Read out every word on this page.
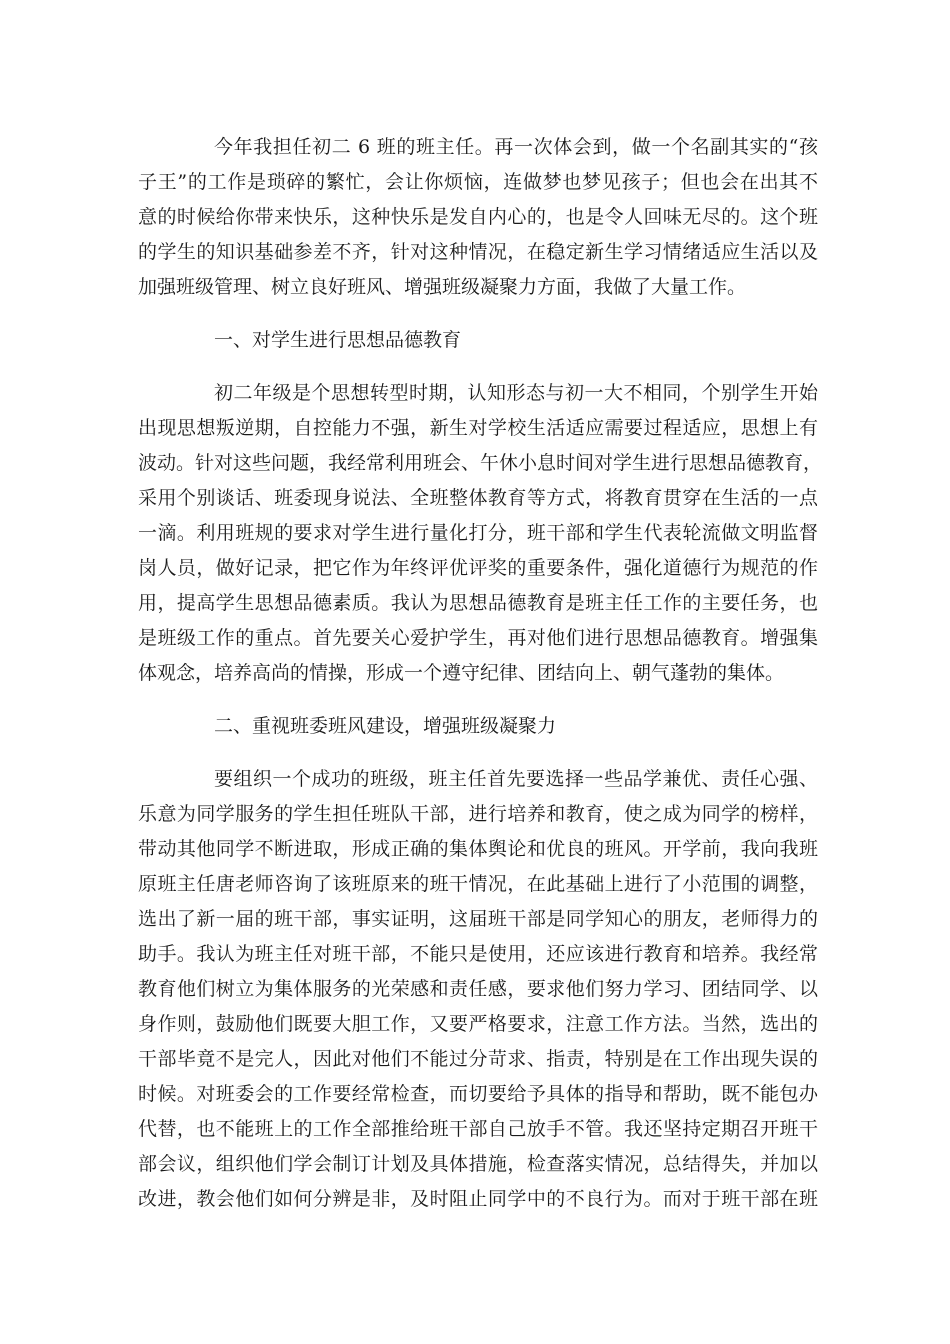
今年我担任初二 6 班的班主任。再一次体会到，做一个名副其实的“孩
子王”的工作是琐碎的繁忙，会让你烦恼，连做梦也梦见孩子；但也会在出其不
意的时候给你带来快乐，这种快乐是发自内心的，也是令人回味无尽的。这个班
的学生的知识基础参差不齐，针对这种情况，在稳定新生学习情绪适应生活以及
加强班级管理、树立良好班风、增强班级凝聚力方面，我做了大量工作。
一、对学生进行思想品德教育
初二年级是个思想转型时期，认知形态与初一大不相同，个别学生开始
出现思想叛逆期，自控能力不强，新生对学校生活适应需要过程适应，思想上有
波动。针对这些问题，我经常利用班会、午休小息时间对学生进行思想品德教育，
采用个别谈话、班委现身说法、全班整体教育等方式，将教育贯穿在生活的一点
一滴。利用班规的要求对学生进行量化打分，班干部和学生代表轮流做文明监督
岗人员，做好记录，把它作为年终评优评奖的重要条件，强化道德行为规范的作
用，提高学生思想品德素质。我认为思想品德教育是班主任工作的主要任务，也
是班级工作的重点。首先要关心爱护学生，再对他们进行思想品德教育。增强集
体观念，培养高尚的情操，形成一个遵守纪律、团结向上、朝气蓬勃的集体。
二、重视班委班风建设，增强班级凝聚力
要组织一个成功的班级，班主任首先要选择一些品学兼优、责任心强、
乐意为同学服务的学生担任班队干部，进行培养和教育，使之成为同学的榜样，
带动其他同学不断进取，形成正确的集体舆论和优良的班风。开学前，我向我班
原班主任唐老师咨询了该班原来的班干情况，在此基础上进行了小范围的调整，
选出了新一届的班干部，事实证明，这届班干部是同学知心的朋友，老师得力的
助手。我认为班主任对班干部，不能只是使用，还应该进行教育和培养。我经常
教育他们树立为集体服务的光荣感和责任感，要求他们努力学习、团结同学、以
身作则，鼓励他们既要大胆工作，又要严格要求，注意工作方法。当然，选出的
干部毕竟不是完人，因此对他们不能过分苛求、指责，特别是在工作出现失误的
时候。对班委会的工作要经常检查，而切要给予具体的指导和帮助，既不能包办
代替，也不能班上的工作全部推给班干部自己放手不管。我还坚持定期召开班干
部会议，组织他们学会制订计划及具体措施，检查落实情况，总结得失，并加以
改进，教会他们如何分辨是非，及时阻止同学中的不良行为。而对于班干部在班
